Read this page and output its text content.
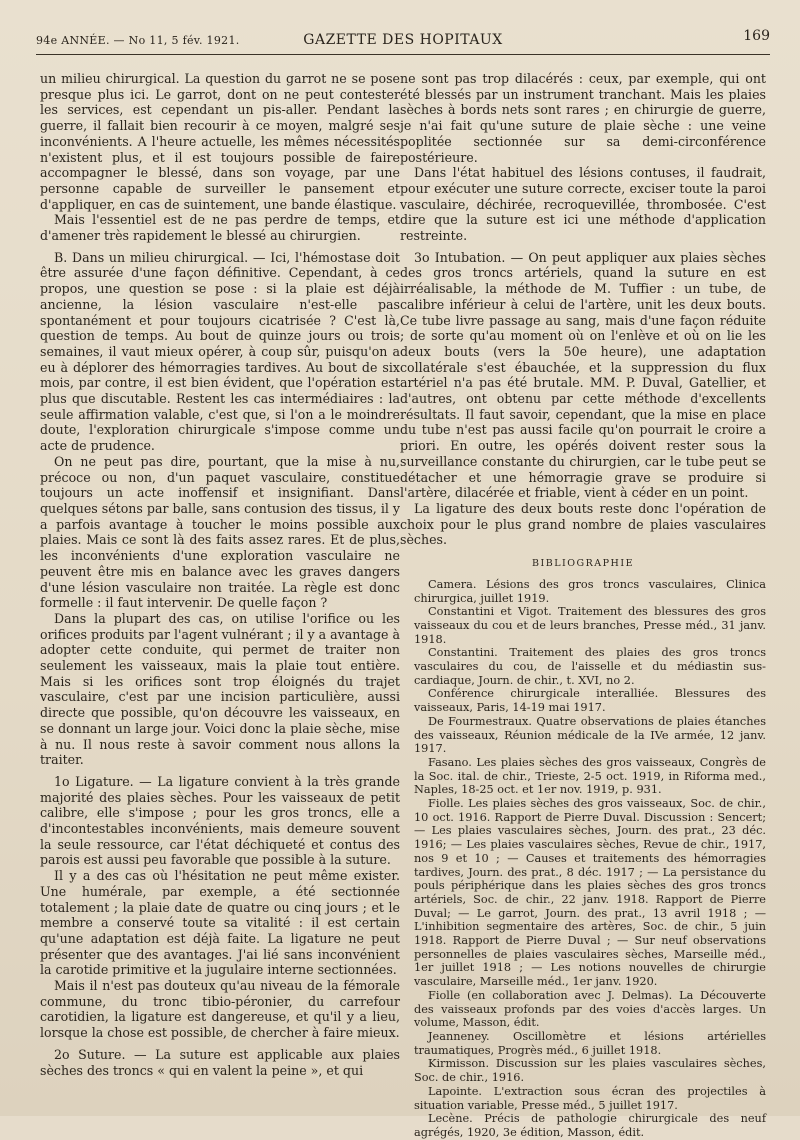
94e ANNÉE. — No 11, 5 fév. 1921.	GAZETTE DES HOPITAUX	169

un milieu chirurgical. La question du garrot ne se pose presque plus ici. Le garrot, dont on ne peut contester les services, est cependant un pis-aller. Pendant la guerre, il fallait bien recourir à ce moyen, malgré ses inconvénients. A l'heure actuelle, les mêmes nécessités n'existent plus, et il est toujours possible de faire accompagner le blessé, dans son voyage, par une personne capable de surveiller le pansement et d'appliquer, en cas de suintement, une bande élastique.

Mais l'essentiel est de ne pas perdre de temps, et d'amener très rapidement le blessé au chirurgien.

B. Dans un milieu chirurgical. — Ici, l'hémostase doit être assurée d'une façon définitive. Cependant, à ce propos, une question se pose : si la plaie est déjà ancienne, la lésion vasculaire n'est-elle pas spontanément et pour toujours cicatrisée ? C'est là, question de temps. Au bout de quinze jours ou trois semaines, il vaut mieux opérer, à coup sûr, puisqu'on a eu à déplorer des hémorragies tardives. Au bout de six mois, par contre, il est bien évident, que l'opération est plus que discutable. Restent les cas intermédiaires : la seule affirmation valable, c'est que, si l'on a le moindre doute, l'exploration chirurgicale s'impose comme un acte de prudence.

On ne peut pas dire, pourtant, que la mise à nu, précoce ou non, d'un paquet vasculaire, constitue toujours un acte inoffensif et insignifiant. Dans quelques sétons par balle, sans contusion des tissus, il y a parfois avantage à toucher le moins possible aux plaies. Mais ce sont là des faits assez rares. Et de plus, les inconvénients d'une exploration vasculaire ne peuvent être mis en balance avec les graves dangers d'une lésion vasculaire non traitée. La règle est donc formelle : il faut intervenir. De quelle façon ?

Dans la plupart des cas, on utilise l'orifice ou les orifices produits par l'agent vulnérant ; il y a avantage à adopter cette conduite, qui permet de traiter non seulement les vaisseaux, mais la plaie tout entière. Mais si les orifices sont trop éloignés du trajet vasculaire, c'est par une incision particulière, aussi directe que possible, qu'on découvre les vaisseaux, en se donnant un large jour. Voici donc la plaie sèche, mise à nu. Il nous reste à savoir comment nous allons la traiter.

1o Ligature. — La ligature convient à la très grande majorité des plaies sèches. Pour les vaisseaux de petit calibre, elle s'impose ; pour les gros troncs, elle a d'incontestables inconvénients, mais demeure souvent la seule ressource, car l'état déchiqueté et contus des parois est aussi peu favorable que possible à la suture.

Il y a des cas où l'hésitation ne peut même exister. Une humérale, par exemple, a été sectionnée totalement ; la plaie date de quatre ou cinq jours ; et le membre a conservé toute sa vitalité : il est certain qu'une adaptation est déjà faite. La ligature ne peut présenter que des avantages. J'ai lié sans inconvénient la carotide primitive et la jugulaire interne sectionnées.

Mais il n'est pas douteux qu'au niveau de la fémorale commune, du tronc tibio-péronier, du carrefour carotidien, la ligature est dangereuse, et qu'il y a lieu, lorsque la chose est possible, de chercher à faire mieux.

2o Suture. — La suture est applicable aux plaies sèches des troncs « qui en valent la peine », et qui

ne sont pas trop dilacérés : ceux, par exemple, qui ont été blessés par un instrument tranchant. Mais les plaies sèches à bords nets sont rares ; en chirurgie de guerre, je n'ai fait qu'une suture de plaie sèche : une veine poplitée sectionnée sur sa demi-circonférence postérieure.

Dans l'état habituel des lésions contuses, il faudrait, pour exécuter une suture correcte, exciser toute la paroi vasculaire, déchirée, recroquevillée, thrombosée. C'est dire que la suture est ici une méthode d'application restreinte.

3o Intubation. — On peut appliquer aux plaies sèches des gros troncs artériels, quand la suture en est irréalisable, la méthode de M. Tuffier : un tube, de calibre inférieur à celui de l'artère, unit les deux bouts. Ce tube livre passage au sang, mais d'une façon réduite ; de sorte qu'au moment où on l'enlève et où on lie les deux bouts (vers la 50e heure), une adaptation collatérale s'est ébauchée, et la suppression du flux artériel n'a pas été brutale. MM. P. Duval, Gatellier, et d'autres, ont obtenu par cette méthode d'excellents résultats. Il faut savoir, cependant, que la mise en place du tube n'est pas aussi facile qu'on pourrait le croire a priori. En outre, les opérés doivent rester sous la surveillance constante du chirurgien, car le tube peut se détacher et une hémorragie grave se produire si l'artère, dilacérée et friable, vient à céder en un point.

La ligature des deux bouts reste donc l'opération de choix pour le plus grand nombre de plaies vasculaires sèches.

BIBLIOGRAPHIE

Camera. Lésions des gros troncs vasculaires, Clinica chirurgica, juillet 1919.

Constantini et Vigot. Traitement des blessures des gros vaisseaux du cou et de leurs branches, Presse méd., 31 janv. 1918.

Constantini. Traitement des plaies des gros troncs vasculaires du cou, de l'aisselle et du médiastin sus-cardiaque, Journ. de chir., t. XVI, no 2.

Conférence chirurgicale interalliée. Blessures des vaisseaux, Paris, 14-19 mai 1917.

De Fourmestraux. Quatre observations de plaies étanches des vaisseaux, Réunion médicale de la IVe armée, 12 janv. 1917.

Fasano. Les plaies sèches des gros vaisseaux, Congrès de la Soc. ital. de chir., Trieste, 2-5 oct. 1919, in Riforma med., Naples, 18-25 oct. et 1er nov. 1919, p. 931.

Fiolle. Les plaies sèches des gros vaisseaux, Soc. de chir., 10 oct. 1916. Rapport de Pierre Duval. Discussion : Sencert; — Les plaies vasculaires sèches, Journ. des prat., 23 déc. 1916; — Les plaies vasculaires sèches, Revue de chir., 1917, nos 9 et 10 ; — Causes et traitements des hémorragies tardives, Journ. des prat., 8 déc. 1917 ; — La persistance du pouls périphérique dans les plaies sèches des gros troncs artériels, Soc. de chir., 22 janv. 1918. Rapport de Pierre Duval; — Le garrot, Journ. des prat., 13 avril 1918 ; — L'inhibition segmentaire des artères, Soc. de chir., 5 juin 1918. Rapport de Pierre Duval ; — Sur neuf observations personnelles de plaies vasculaires sèches, Marseille méd., 1er juillet 1918 ; — Les notions nouvelles de chirurgie vasculaire, Marseille méd., 1er janv. 1920.

Fiolle (en collaboration avec J. Delmas). La Découverte des vaisseaux profonds par des voies d'accès larges. Un volume, Masson, édit.

Jeanneney. Oscillomètre et lésions artérielles traumatiques, Progrès méd., 6 juillet 1918.

Kirmisson. Discussion sur les plaies vasculaires sèches, Soc. de chir., 1916.

Lapointe. L'extraction sous écran des projectiles à situation variable, Presse méd., 5 juillet 1917.

Lecène. Précis de pathologie chirurgicale des neuf agrégés, 1920, 3e édition, Masson, édit.
